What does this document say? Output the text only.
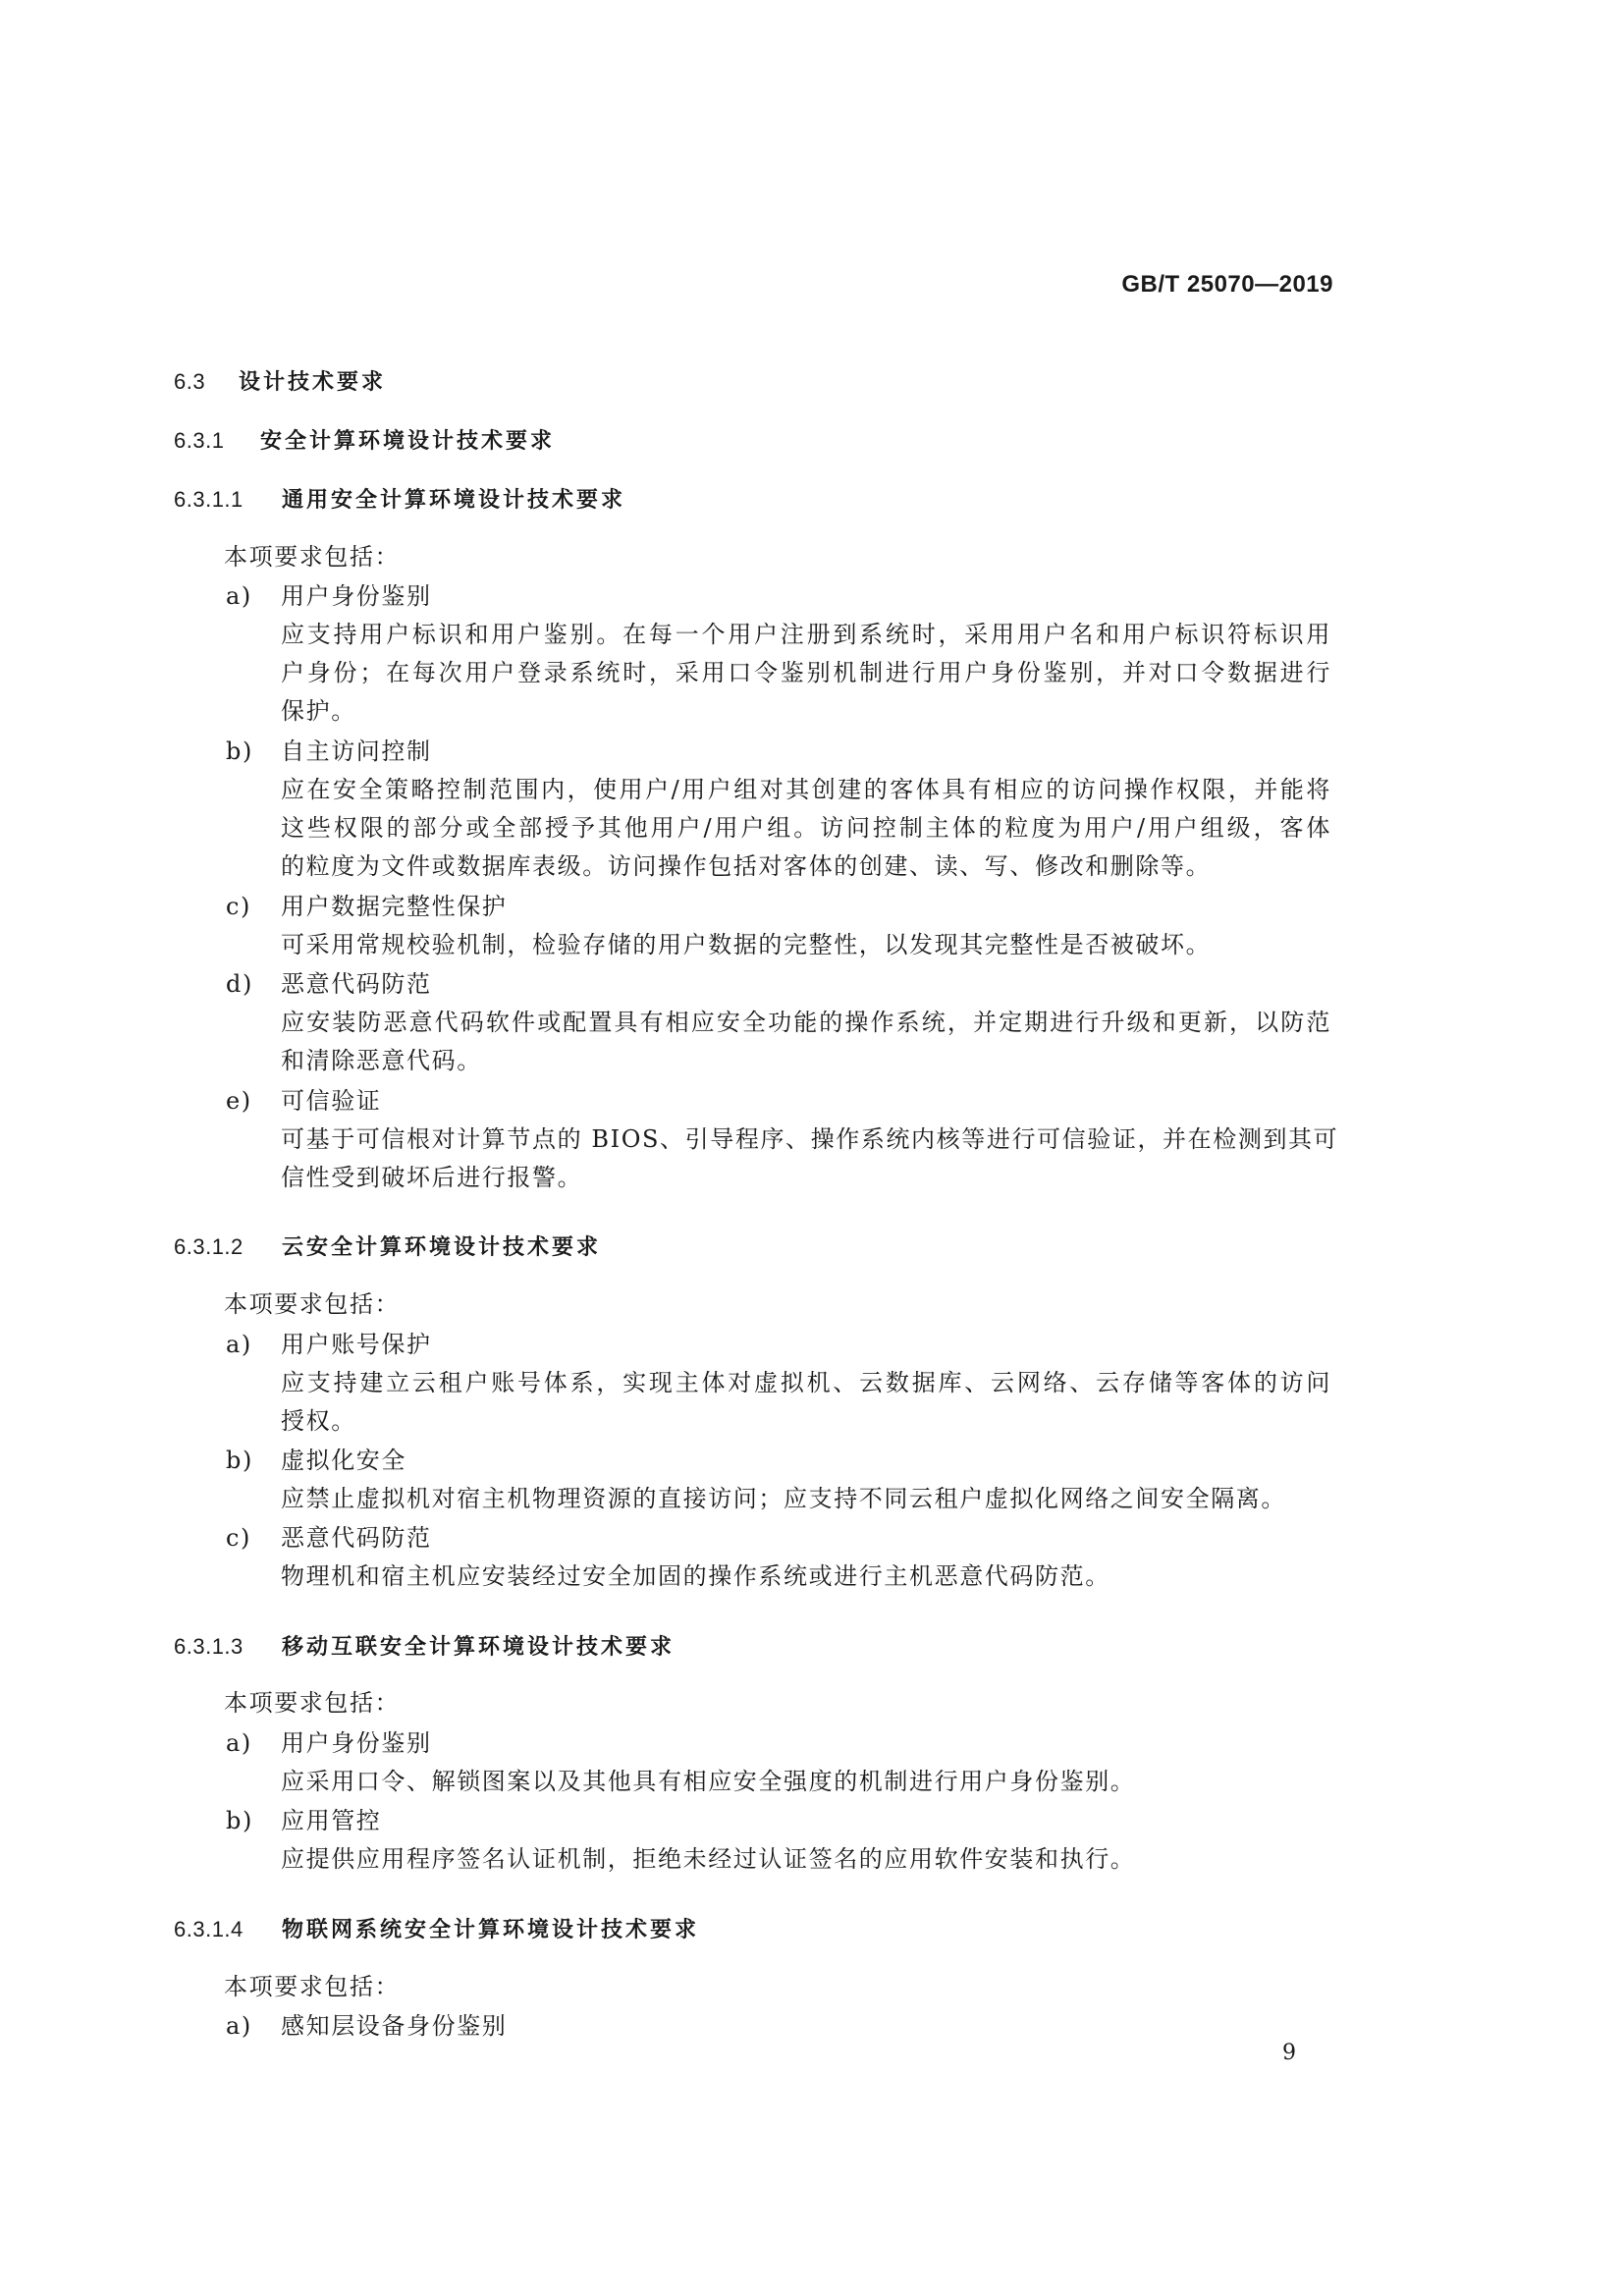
GB/T 25070—2019
6.3 设计技术要求
6.3.1 安全计算环境设计技术要求
6.3.1.1 通用安全计算环境设计技术要求
本项要求包括：
a) 用户身份鉴别
应支持用户标识和用户鉴别。在每一个用户注册到系统时，采用用户名和用户标识符标识用
户身份；在每次用户登录系统时，采用口令鉴别机制进行用户身份鉴别，并对口令数据进行
保护。
b) 自主访问控制
应在安全策略控制范围内，使用户/用户组对其创建的客体具有相应的访问操作权限，并能将
这些权限的部分或全部授予其他用户/用户组。访问控制主体的粒度为用户/用户组级，客体
的粒度为文件或数据库表级。访问操作包括对客体的创建、读、写、修改和删除等。
c) 用户数据完整性保护
可采用常规校验机制，检验存储的用户数据的完整性，以发现其完整性是否被破坏。
d) 恶意代码防范
应安装防恶意代码软件或配置具有相应安全功能的操作系统，并定期进行升级和更新，以防范
和清除恶意代码。
e) 可信验证
可基于可信根对计算节点的 BIOS、引导程序、操作系统内核等进行可信验证，并在检测到其可
信性受到破坏后进行报警。
6.3.1.2 云安全计算环境设计技术要求
本项要求包括：
a) 用户账号保护
应支持建立云租户账号体系，实现主体对虚拟机、云数据库、云网络、云存储等客体的访问
授权。
b) 虚拟化安全
应禁止虚拟机对宿主机物理资源的直接访问；应支持不同云租户虚拟化网络之间安全隔离。
c) 恶意代码防范
物理机和宿主机应安装经过安全加固的操作系统或进行主机恶意代码防范。
6.3.1.3 移动互联安全计算环境设计技术要求
本项要求包括：
a) 用户身份鉴别
应采用口令、解锁图案以及其他具有相应安全强度的机制进行用户身份鉴别。
b) 应用管控
应提供应用程序签名认证机制，拒绝未经过认证签名的应用软件安装和执行。
6.3.1.4 物联网系统安全计算环境设计技术要求
本项要求包括：
a) 感知层设备身份鉴别
9
